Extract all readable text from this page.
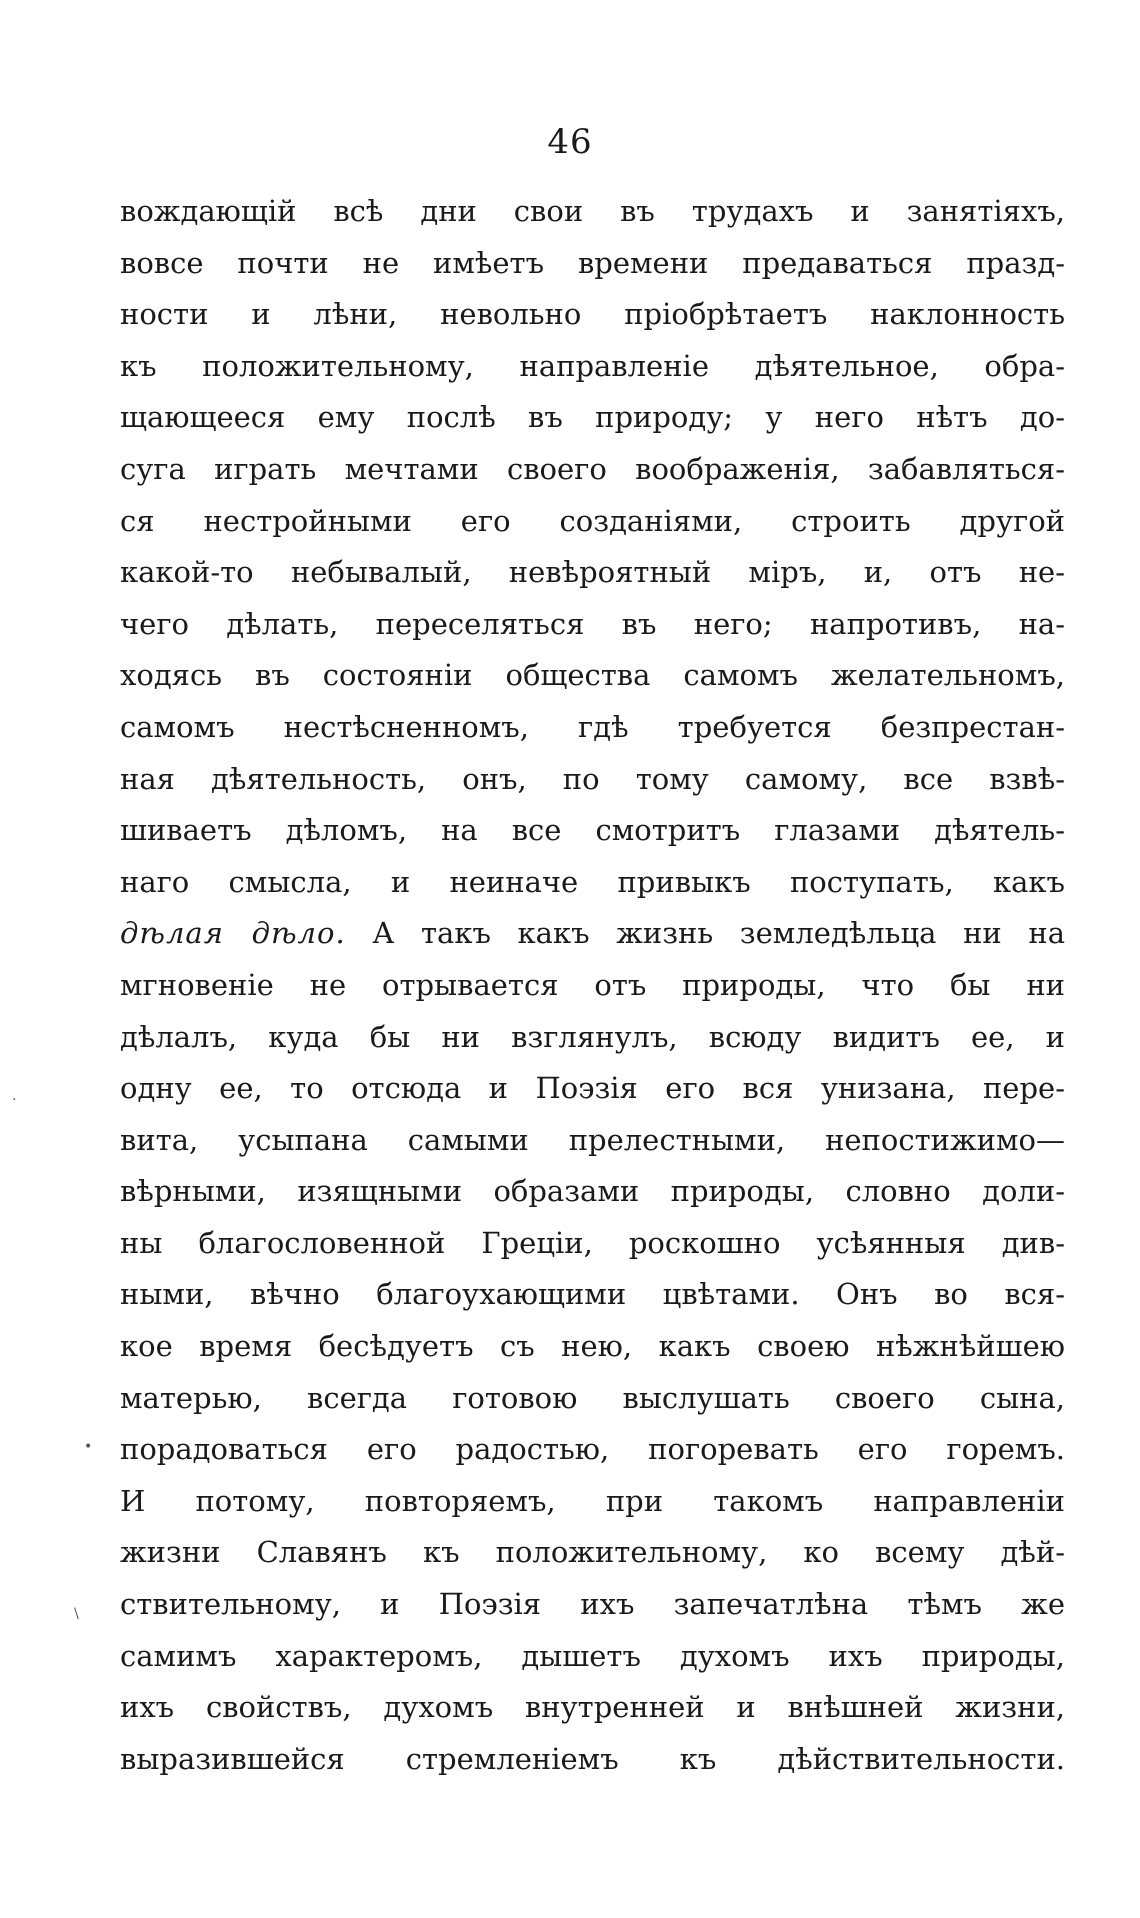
46
вождающій всѣ дни свои въ трудахъ и занятіяхъ,
вовсе почти не имѣетъ времени предаваться празд-
ности и лѣни, невольно пріобрѣтаетъ наклонность
къ положительному, направленіе дѣятельное, обра-
щающееся ему послѣ въ природу; у него нѣтъ до-
суга играть мечтами своего воображенія, забавляться-
ся нестройными его созданіями, строить другой
какой-то небывалый, невѣроятный міръ, и, отъ не-
чего дѣлать, переселяться въ него; напротивъ, на-
ходясь въ состояніи общества самомъ желательномъ,
самомъ нестѣсненномъ, гдѣ требуется безпрестан-
ная дѣятельность, онъ, по тому самому, все взвѣ-
шиваетъ дѣломъ, на все смотритъ глазами дѣятель-
наго смысла, и неиначе привыкъ поступать, какъ
дѣлая дѣло. А такъ какъ жизнь земледѣльца ни на
мгновеніе не отрывается отъ природы, что бы ни
дѣлалъ, куда бы ни взглянулъ, всюду видитъ ее, и
одну ее, то отсюда и Поэзія его вся унизана, пере-
вита, усыпана самыми прелестными, непостижимо—
вѣрными, изящными образами природы, словно доли-
ны благословенной Греціи, роскошно усѣянныя див-
ными, вѣчно благоухающими цвѣтами. Онъ во вся-
кое время бесѣдуетъ съ нею, какъ своею нѣжнѣйшею
матерью, всегда готовою выслушать своего сына,
порадоваться его радостью, погоревать его горемъ.
И потому, повторяемъ, при такомъ направленіи
жизни Славянъ къ положительному, ко всему дѣй-
ствительному, и Поэзія ихъ запечатлѣна тѣмъ же
самимъ характеромъ, дышетъ духомъ ихъ природы,
ихъ свойствъ, духомъ внутренней и внѣшней жизни,
выразившейся стремленіемъ къ дѣйствительности.
·
•
\
